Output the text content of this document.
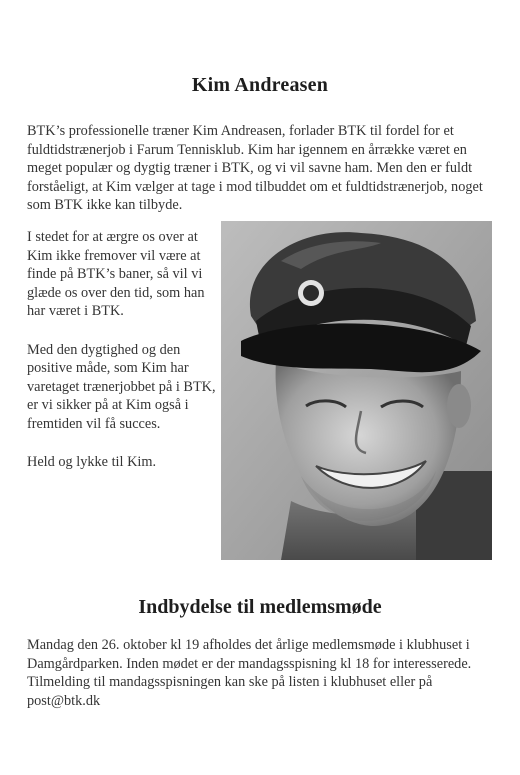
Kim Andreasen

BTK’s professionelle træner Kim Andreasen, forlader BTK til fordel for et fuldtidstrænerjob i Farum Tennisklub. Kim har igennem en årrække været en meget populær og dygtig træner i BTK, og vi vil savne ham. Men den er fuldt forståeligt, at Kim vælger at tage i mod tilbuddet om et fuldtidstrænerjob, noget som BTK ikke kan tilbyde.

I stedet for at ærgre os over at Kim ikke fremover vil være at finde på BTK’s baner, så vil vi glæde os over den tid, som han har været i BTK.

Med den dygtighed og den positive måde, som Kim har varetaget trænerjobbet på i BTK, er vi sikker på at Kim også i fremtiden vil få succes.

Held og lykke til Kim.

Indbydelse til medlemsmøde

Mandag den 26. oktober kl 19 afholdes det årlige medlemsmøde i klubhuset i Damgårdparken. Inden mødet er der mandagsspisning kl 18 for interesserede. Tilmelding til mandagsspisningen kan ske på listen i klubhuset eller på post@btk.dk
